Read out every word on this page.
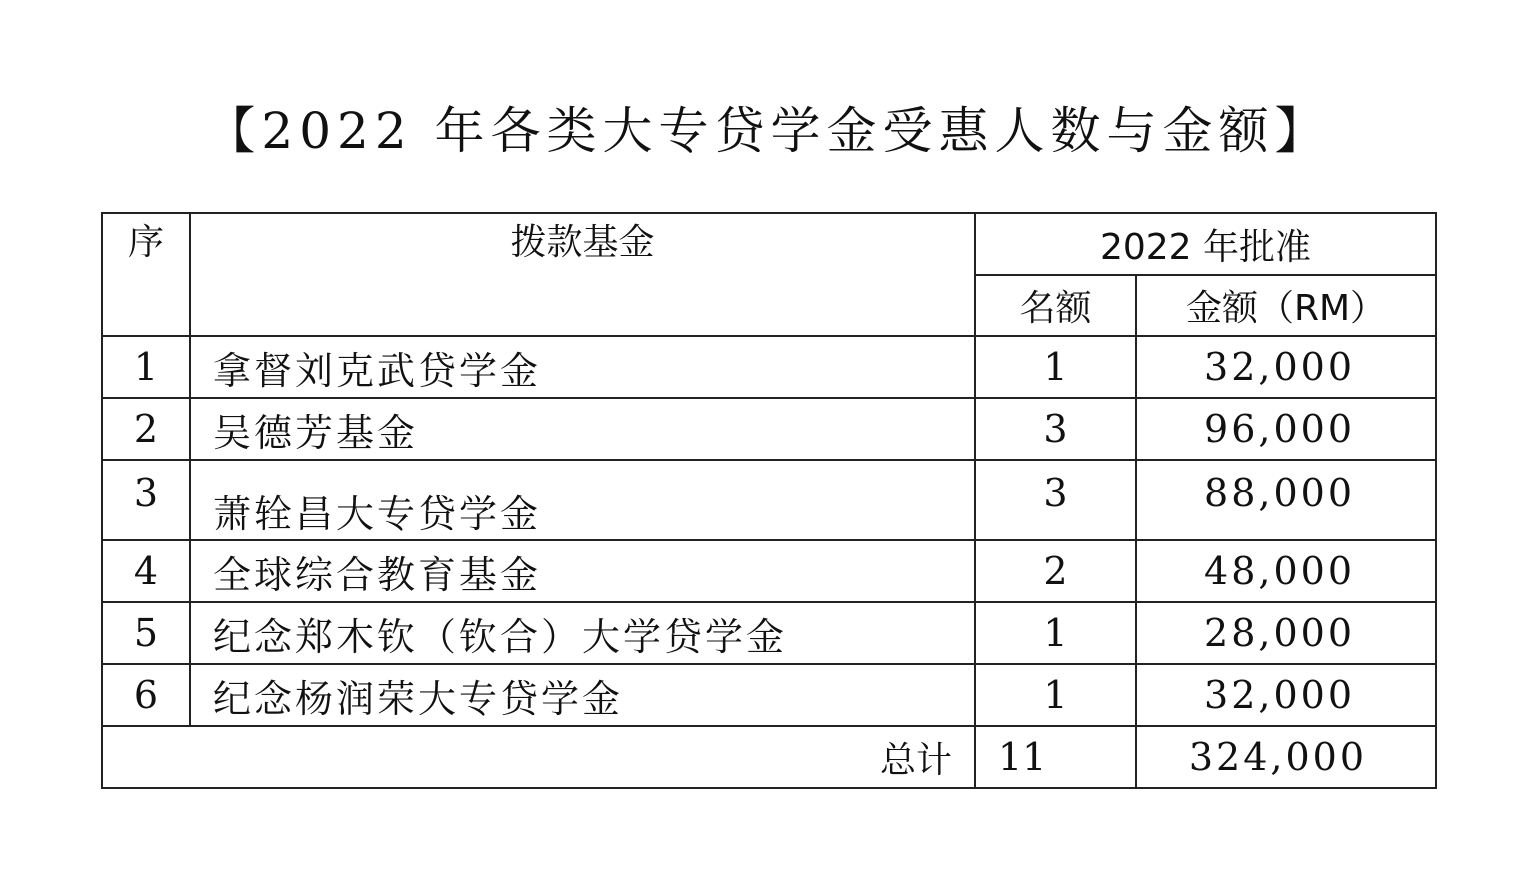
【2022 年各类大专贷学金受惠人数与金额】
序	拨款基金	2022 年批准	
		名额	金额（RM）
1	拿督刘克武贷学金	1	32,000
2	吴德芳基金	3	96,000
3	萧辁昌大专贷学金	3	88,000
4	全球综合教育基金	2	48,000
5	纪念郑木钦（钦合）大学贷学金	1	28,000
6	纪念杨润荣大专贷学金	1	32,000
总计		11	324,000
